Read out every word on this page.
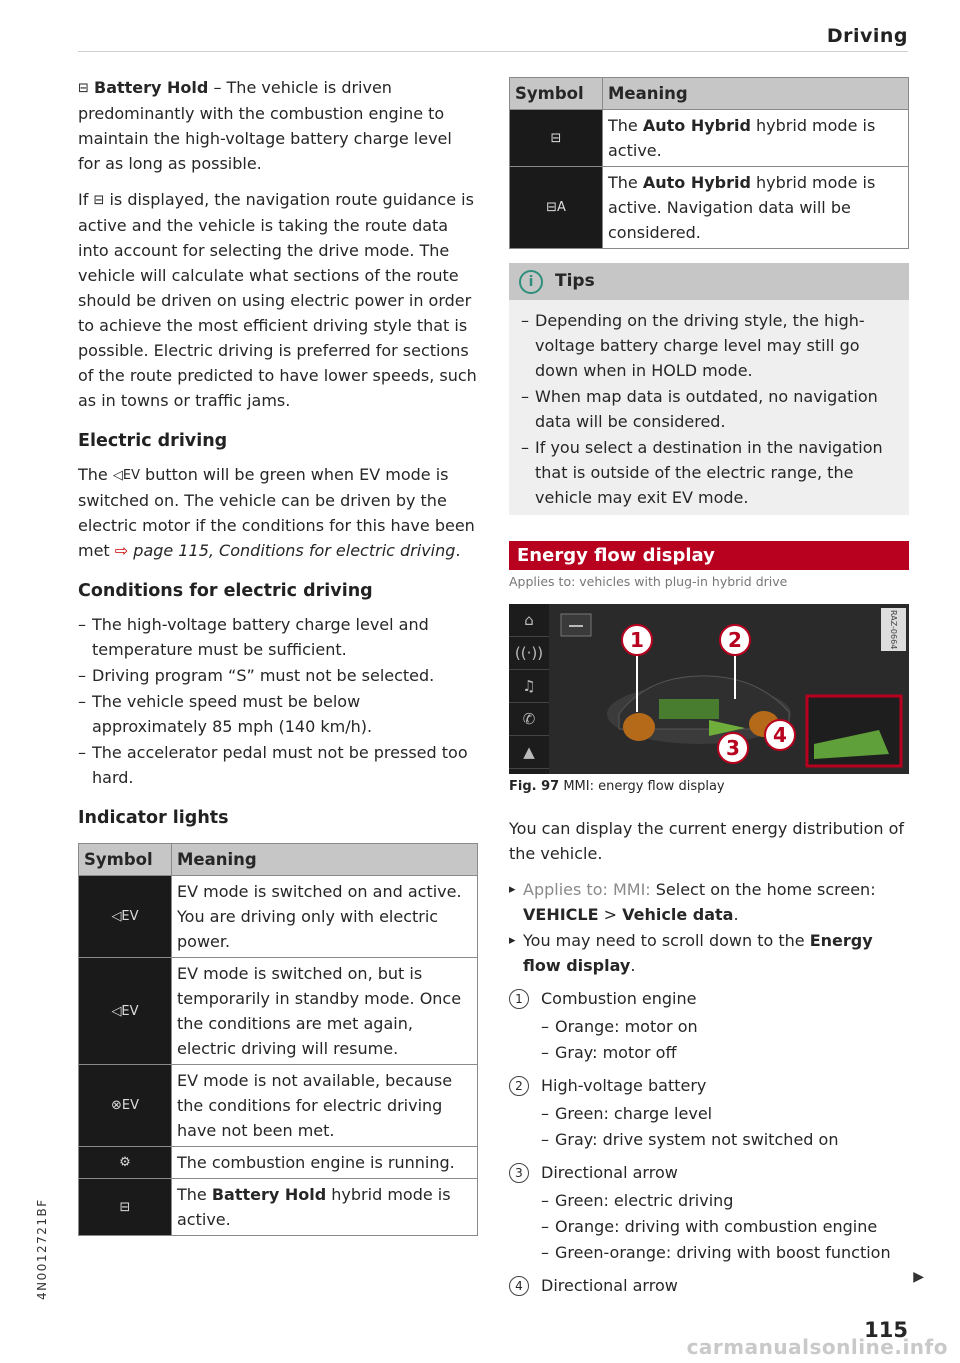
Driving
4N0012721BF

⊟ Battery Hold – The vehicle is driven predominantly with the combustion engine to maintain the high-voltage battery charge level for as long as possible.

If ⊟ is displayed, the navigation route guidance is active and the vehicle is taking the route data into account for selecting the drive mode. The vehicle will calculate what sections of the route should be driven on using electric power in order to achieve the most efficient driving style that is possible. Electric driving is preferred for sections of the route predicted to have lower speeds, such as in towns or traffic jams.

Electric driving

The ◁EV button will be green when EV mode is switched on. The vehicle can be driven by the electric motor if the conditions for this have been met ⇨ page 115, Conditions for electric driving.

Conditions for electric driving
– The high-voltage battery charge level and temperature must be sufficient.
– Driving program “S” must not be selected.
– The vehicle speed must be below approximately 85 mph (140 km/h).
– The accelerator pedal must not be pressed too hard.
Indicator lights
Symbol	Meaning
◁EV	EV mode is switched on and active. You are driving only with electric power.
◁EV	EV mode is switched on, but is temporarily in standby mode. Once the conditions are met again, electric driving will resume.
⊗EV	EV mode is not available, because the conditions for electric driving have not been met.
⚙	The combustion engine is running.
⊟	The Battery Hold hybrid mode is active.
Symbol	Meaning
⊟	The Auto Hybrid hybrid mode is active.
⊟A	The Auto Hybrid hybrid mode is active. Navigation data will be considered.
i	Tips
– Depending on the driving style, the high-voltage battery charge level may still go down when in HOLD mode.
– When map data is outdated, no navigation data will be considered.
– If you select a destination in the navigation that is outside of the electric range, the vehicle may exit EV mode.
Energy flow display
Applies to: vehicles with plug-in hybrid drive
⌂
((·))
♫
✆
▲
RAZ-0664
1	2
3
4
Fig. 97 MMI: energy flow display

You can display the current energy distribution of the vehicle.

▸ Applies to: MMI: Select on the home screen: VEHICLE > Vehicle data.
▸ You may need to scroll down to the Energy flow display.
1	Combustion engine
– Orange: motor on
– Gray: motor off
2	High-voltage battery
– Green: charge level
– Gray: drive system not switched on
3	Directional arrow
– Green: electric driving
– Orange: driving with combustion engine
– Green-orange: driving with boost function
4	Directional arrow	▶
115
carmanualsonline.info
